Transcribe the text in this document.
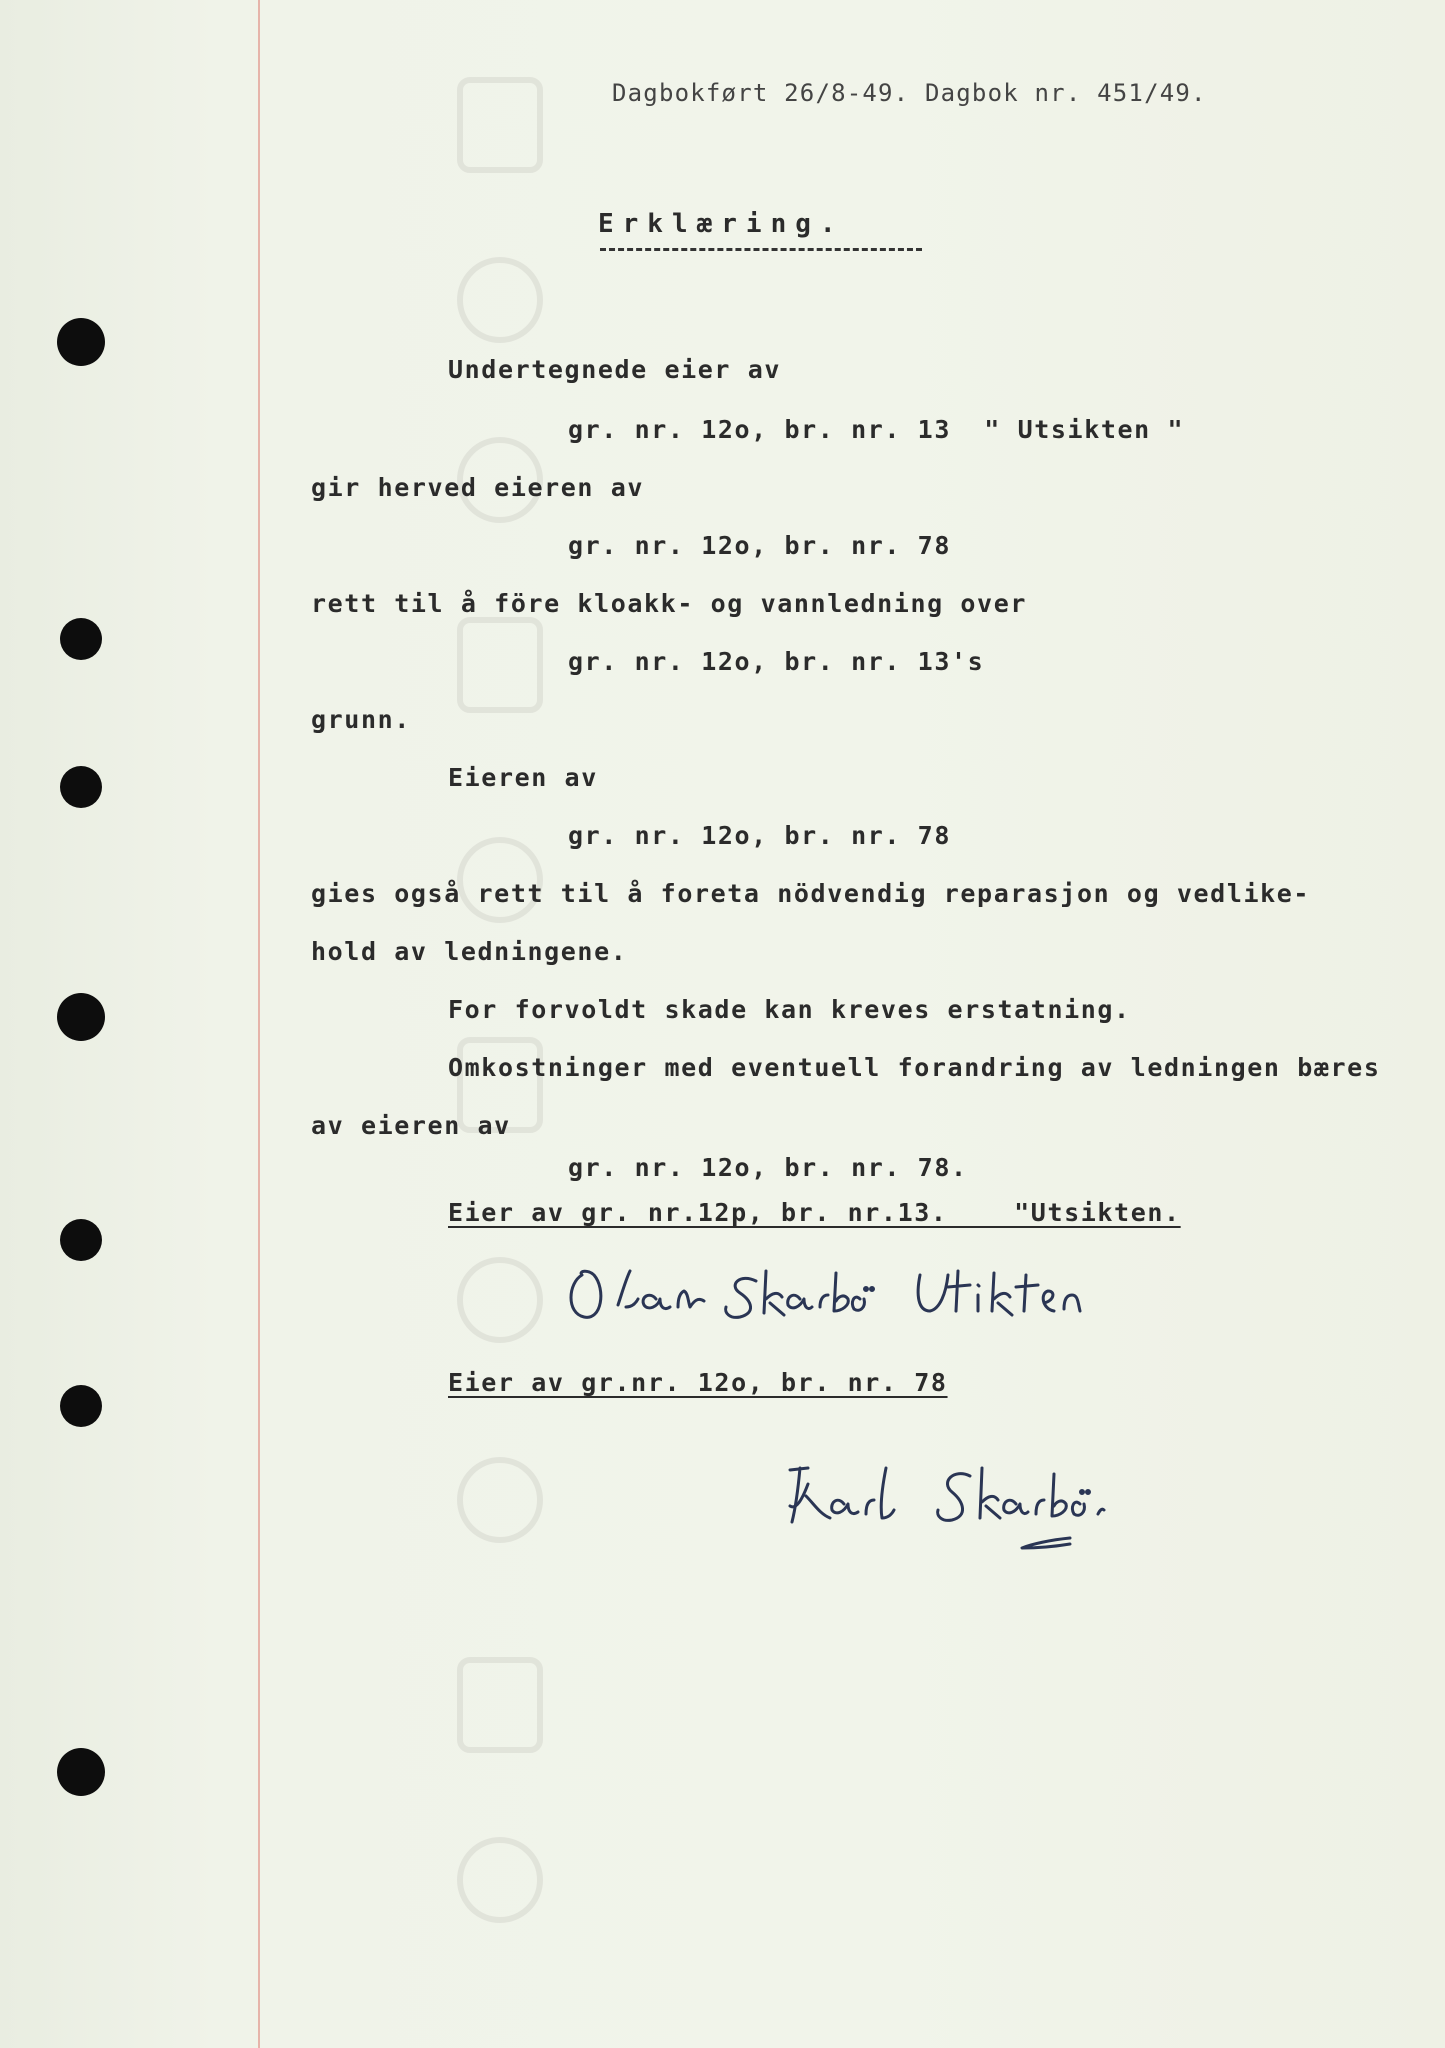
Dagbokført 26/8-49. Dagbok nr. 451/49.
Erklæring.
Undertegnede eier av
gr. nr. 12o, br. nr. 13  " Utsikten "
gir herved eieren av
gr. nr. 12o, br. nr. 78
rett til å före kloakk- og vannledning over
gr. nr. 12o, br. nr. 13's
grunn.
Eieren av
gr. nr. 12o, br. nr. 78
gies også rett til å foreta nödvendig reparasjon og vedlike-
hold av ledningene.
For forvoldt skade kan kreves erstatning.
Omkostninger med eventuell forandring av ledningen bæres
av eieren av
gr. nr. 12o, br. nr. 78.
Eier av gr. nr.12p, br. nr.13.    "Utsikten.
Eier av gr.nr. 12o, br. nr. 78
